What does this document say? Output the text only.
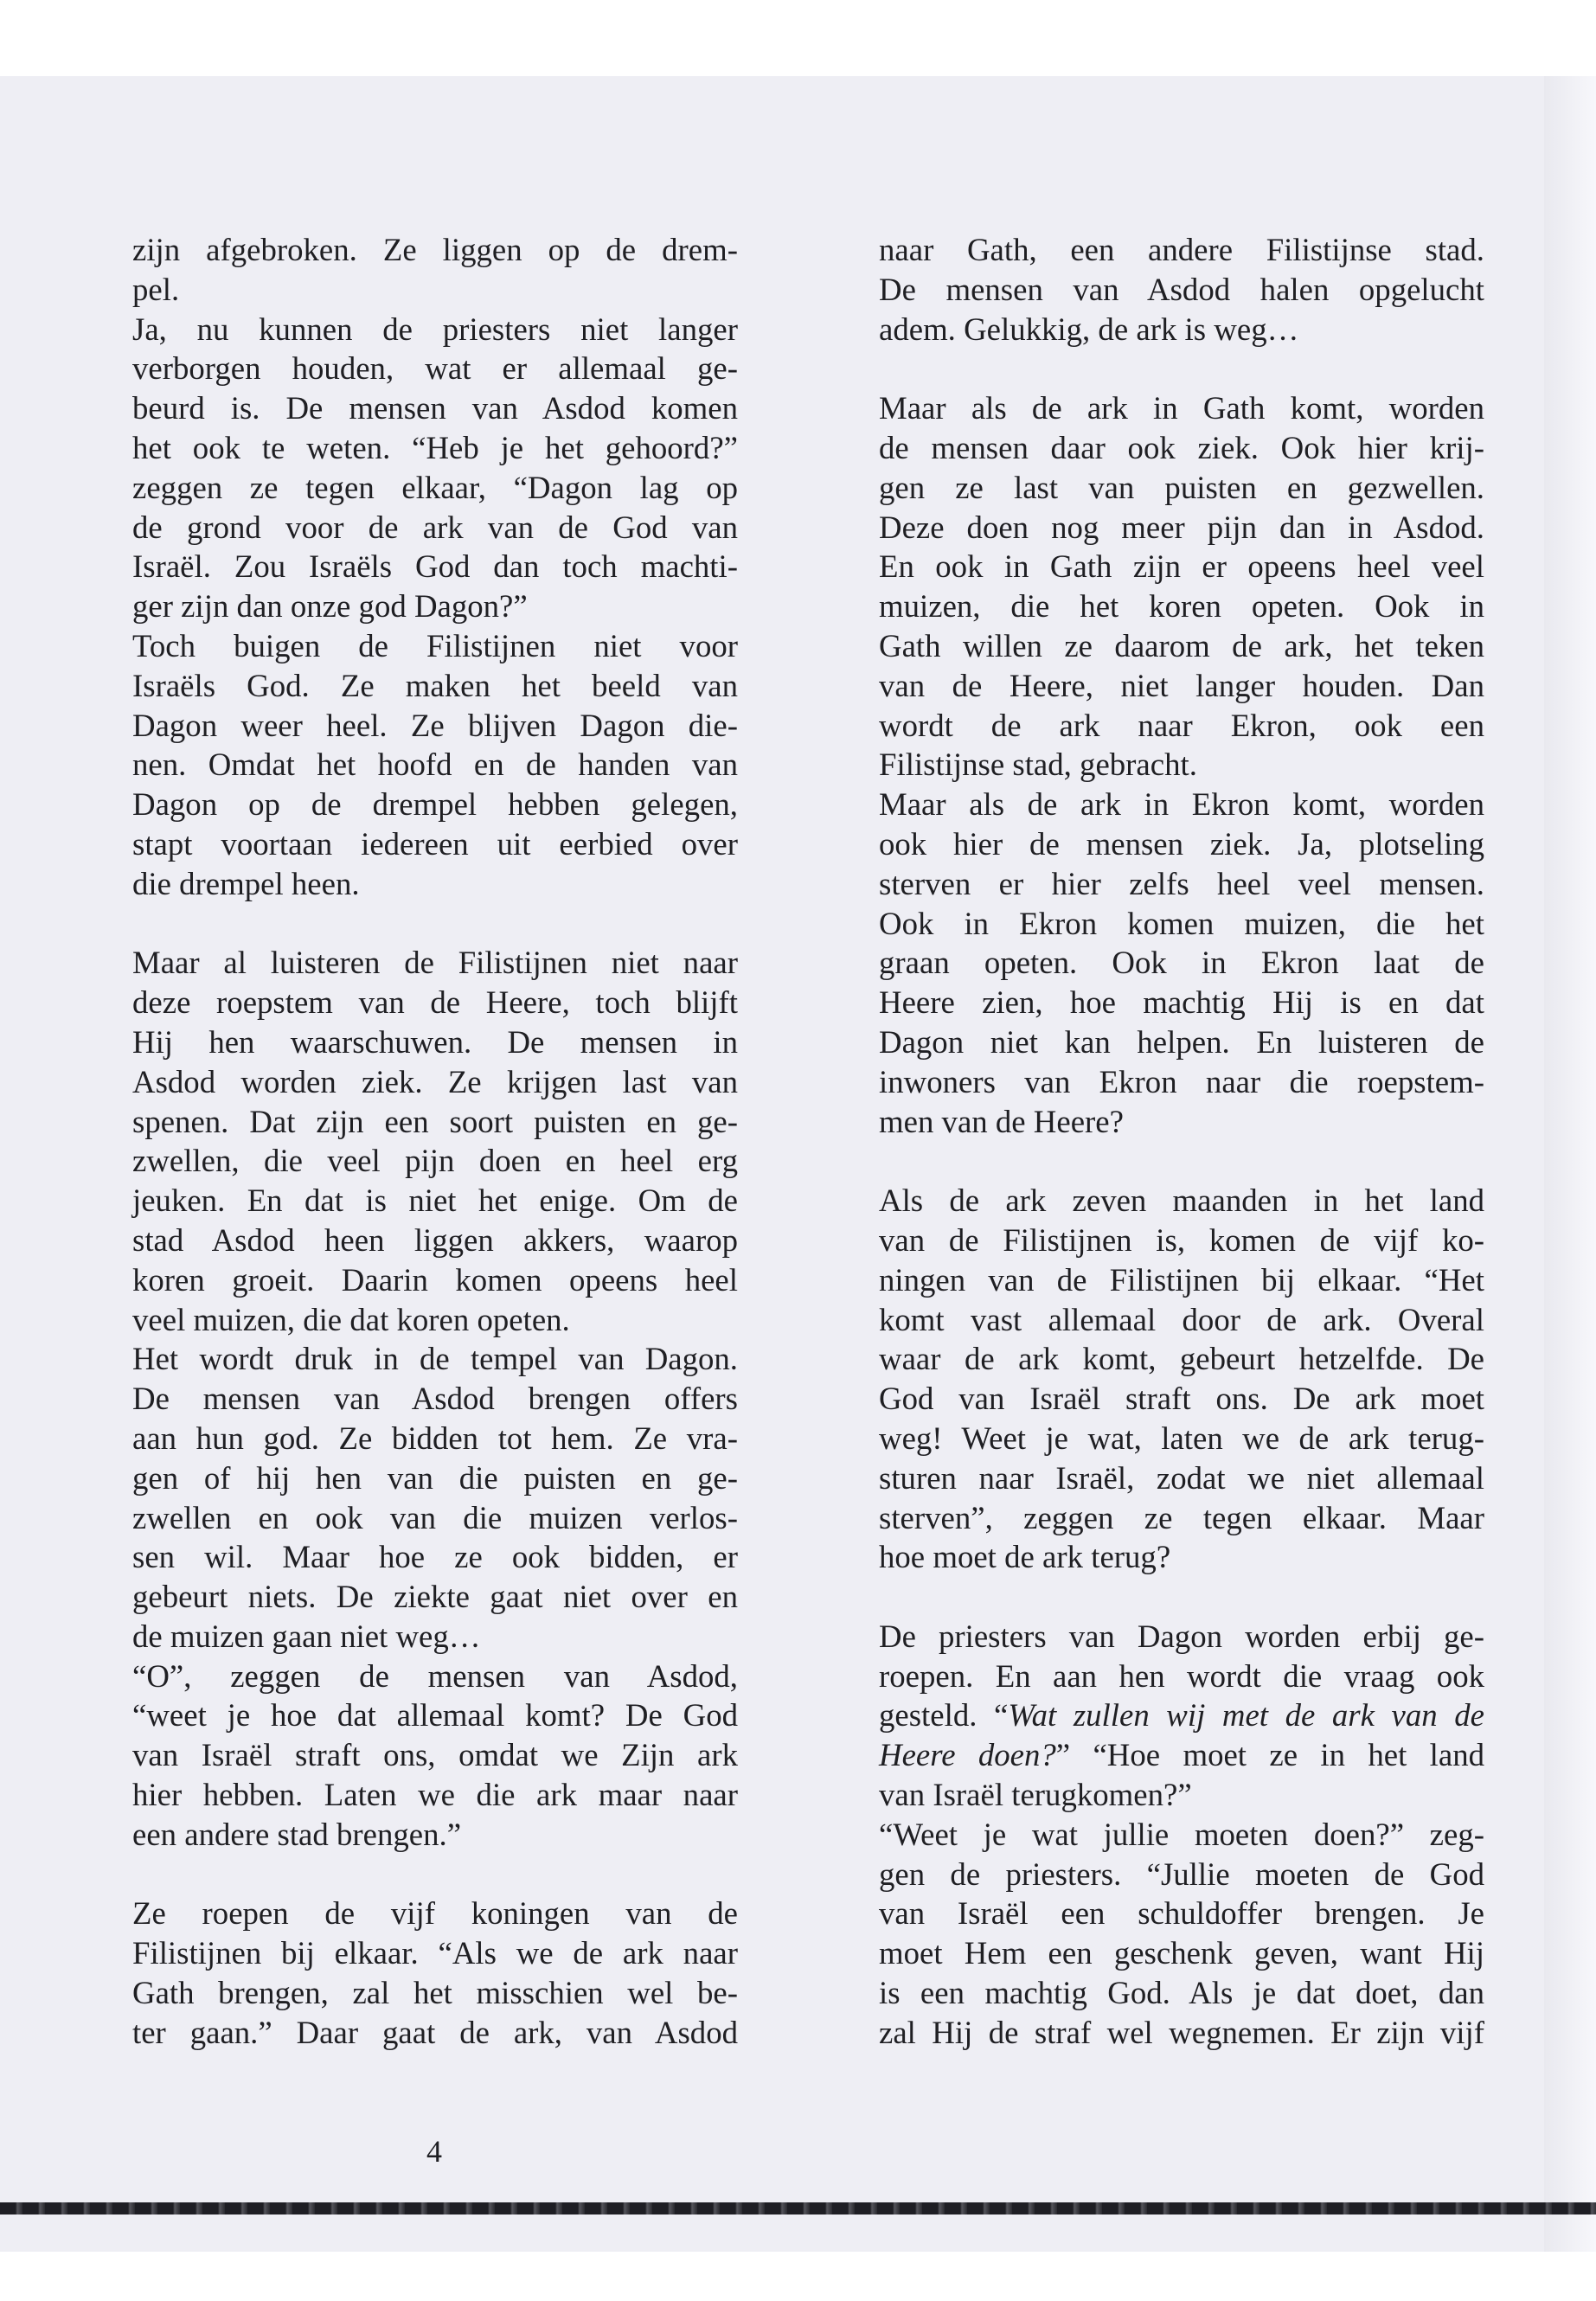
zijn afgebroken. Ze liggen op de drem-

pel.

Ja, nu kunnen de priesters niet langer

verborgen houden, wat er allemaal ge-

beurd is. De mensen van Asdod komen

het ook te weten. “Heb je het gehoord?”

zeggen ze tegen elkaar, “Dagon lag op

de grond voor de ark van de God van

Israël. Zou Israëls God dan toch machti-

ger zijn dan onze god Dagon?”

Toch buigen de Filistijnen niet voor

Israëls God. Ze maken het beeld van

Dagon weer heel. Ze blijven Dagon die-

nen. Omdat het hoofd en de handen van

Dagon op de drempel hebben gelegen,

stapt voortaan iedereen uit eerbied over

die drempel heen.

Maar al luisteren de Filistijnen niet naar

deze roepstem van de Heere, toch blijft

Hij hen waarschuwen. De mensen in

Asdod worden ziek. Ze krijgen last van

spenen. Dat zijn een soort puisten en ge-

zwellen, die veel pijn doen en heel erg

jeuken. En dat is niet het enige. Om de

stad Asdod heen liggen akkers, waarop

koren groeit. Daarin komen opeens heel

veel muizen, die dat koren opeten.

Het wordt druk in de tempel van Dagon.

De mensen van Asdod brengen offers

aan hun god. Ze bidden tot hem. Ze vra-

gen of hij hen van die puisten en ge-

zwellen en ook van die muizen verlos-

sen wil. Maar hoe ze ook bidden, er

gebeurt niets. De ziekte gaat niet over en

de muizen gaan niet weg…

“O”, zeggen de mensen van Asdod,

“weet je hoe dat allemaal komt? De God

van Israël straft ons, omdat we Zijn ark

hier hebben. Laten we die ark maar naar

een andere stad brengen.”

Ze roepen de vijf koningen van de

Filistijnen bij elkaar. “Als we de ark naar

Gath brengen, zal het misschien wel be-

ter gaan.” Daar gaat de ark, van Asdod

naar Gath, een andere Filistijnse stad.

De mensen van Asdod halen opgelucht

adem. Gelukkig, de ark is weg…

Maar als de ark in Gath komt, worden

de mensen daar ook ziek. Ook hier krij-

gen ze last van puisten en gezwellen.

Deze doen nog meer pijn dan in Asdod.

En ook in Gath zijn er opeens heel veel

muizen, die het koren opeten. Ook in

Gath willen ze daarom de ark, het teken

van de Heere, niet langer houden. Dan

wordt de ark naar Ekron, ook een

Filistijnse stad, gebracht.

Maar als de ark in Ekron komt, worden

ook hier de mensen ziek. Ja, plotseling

sterven er hier zelfs heel veel mensen.

Ook in Ekron komen muizen, die het

graan opeten. Ook in Ekron laat de

Heere zien, hoe machtig Hij is en dat

Dagon niet kan helpen. En luisteren de

inwoners van Ekron naar die roepstem-

men van de Heere?

Als de ark zeven maanden in het land

van de Filistijnen is, komen de vijf ko-

ningen van de Filistijnen bij elkaar. “Het

komt vast allemaal door de ark. Overal

waar de ark komt, gebeurt hetzelfde. De

God van Israël straft ons. De ark moet

weg! Weet je wat, laten we de ark terug-

sturen naar Israël, zodat we niet allemaal

sterven”, zeggen ze tegen elkaar. Maar

hoe moet de ark terug?

De priesters van Dagon worden erbij ge-

roepen. En aan hen wordt die vraag ook

gesteld. “Wat zullen wij met de ark van de

Heere doen?” “Hoe moet ze in het land

van Israël terugkomen?”

“Weet je wat jullie moeten doen?” zeg-

gen de priesters. “Jullie moeten de God

van Israël een schuldoffer brengen. Je

moet Hem een geschenk geven, want Hij

is een machtig God. Als je dat doet, dan

zal Hij de straf wel wegnemen. Er zijn vijf

4
